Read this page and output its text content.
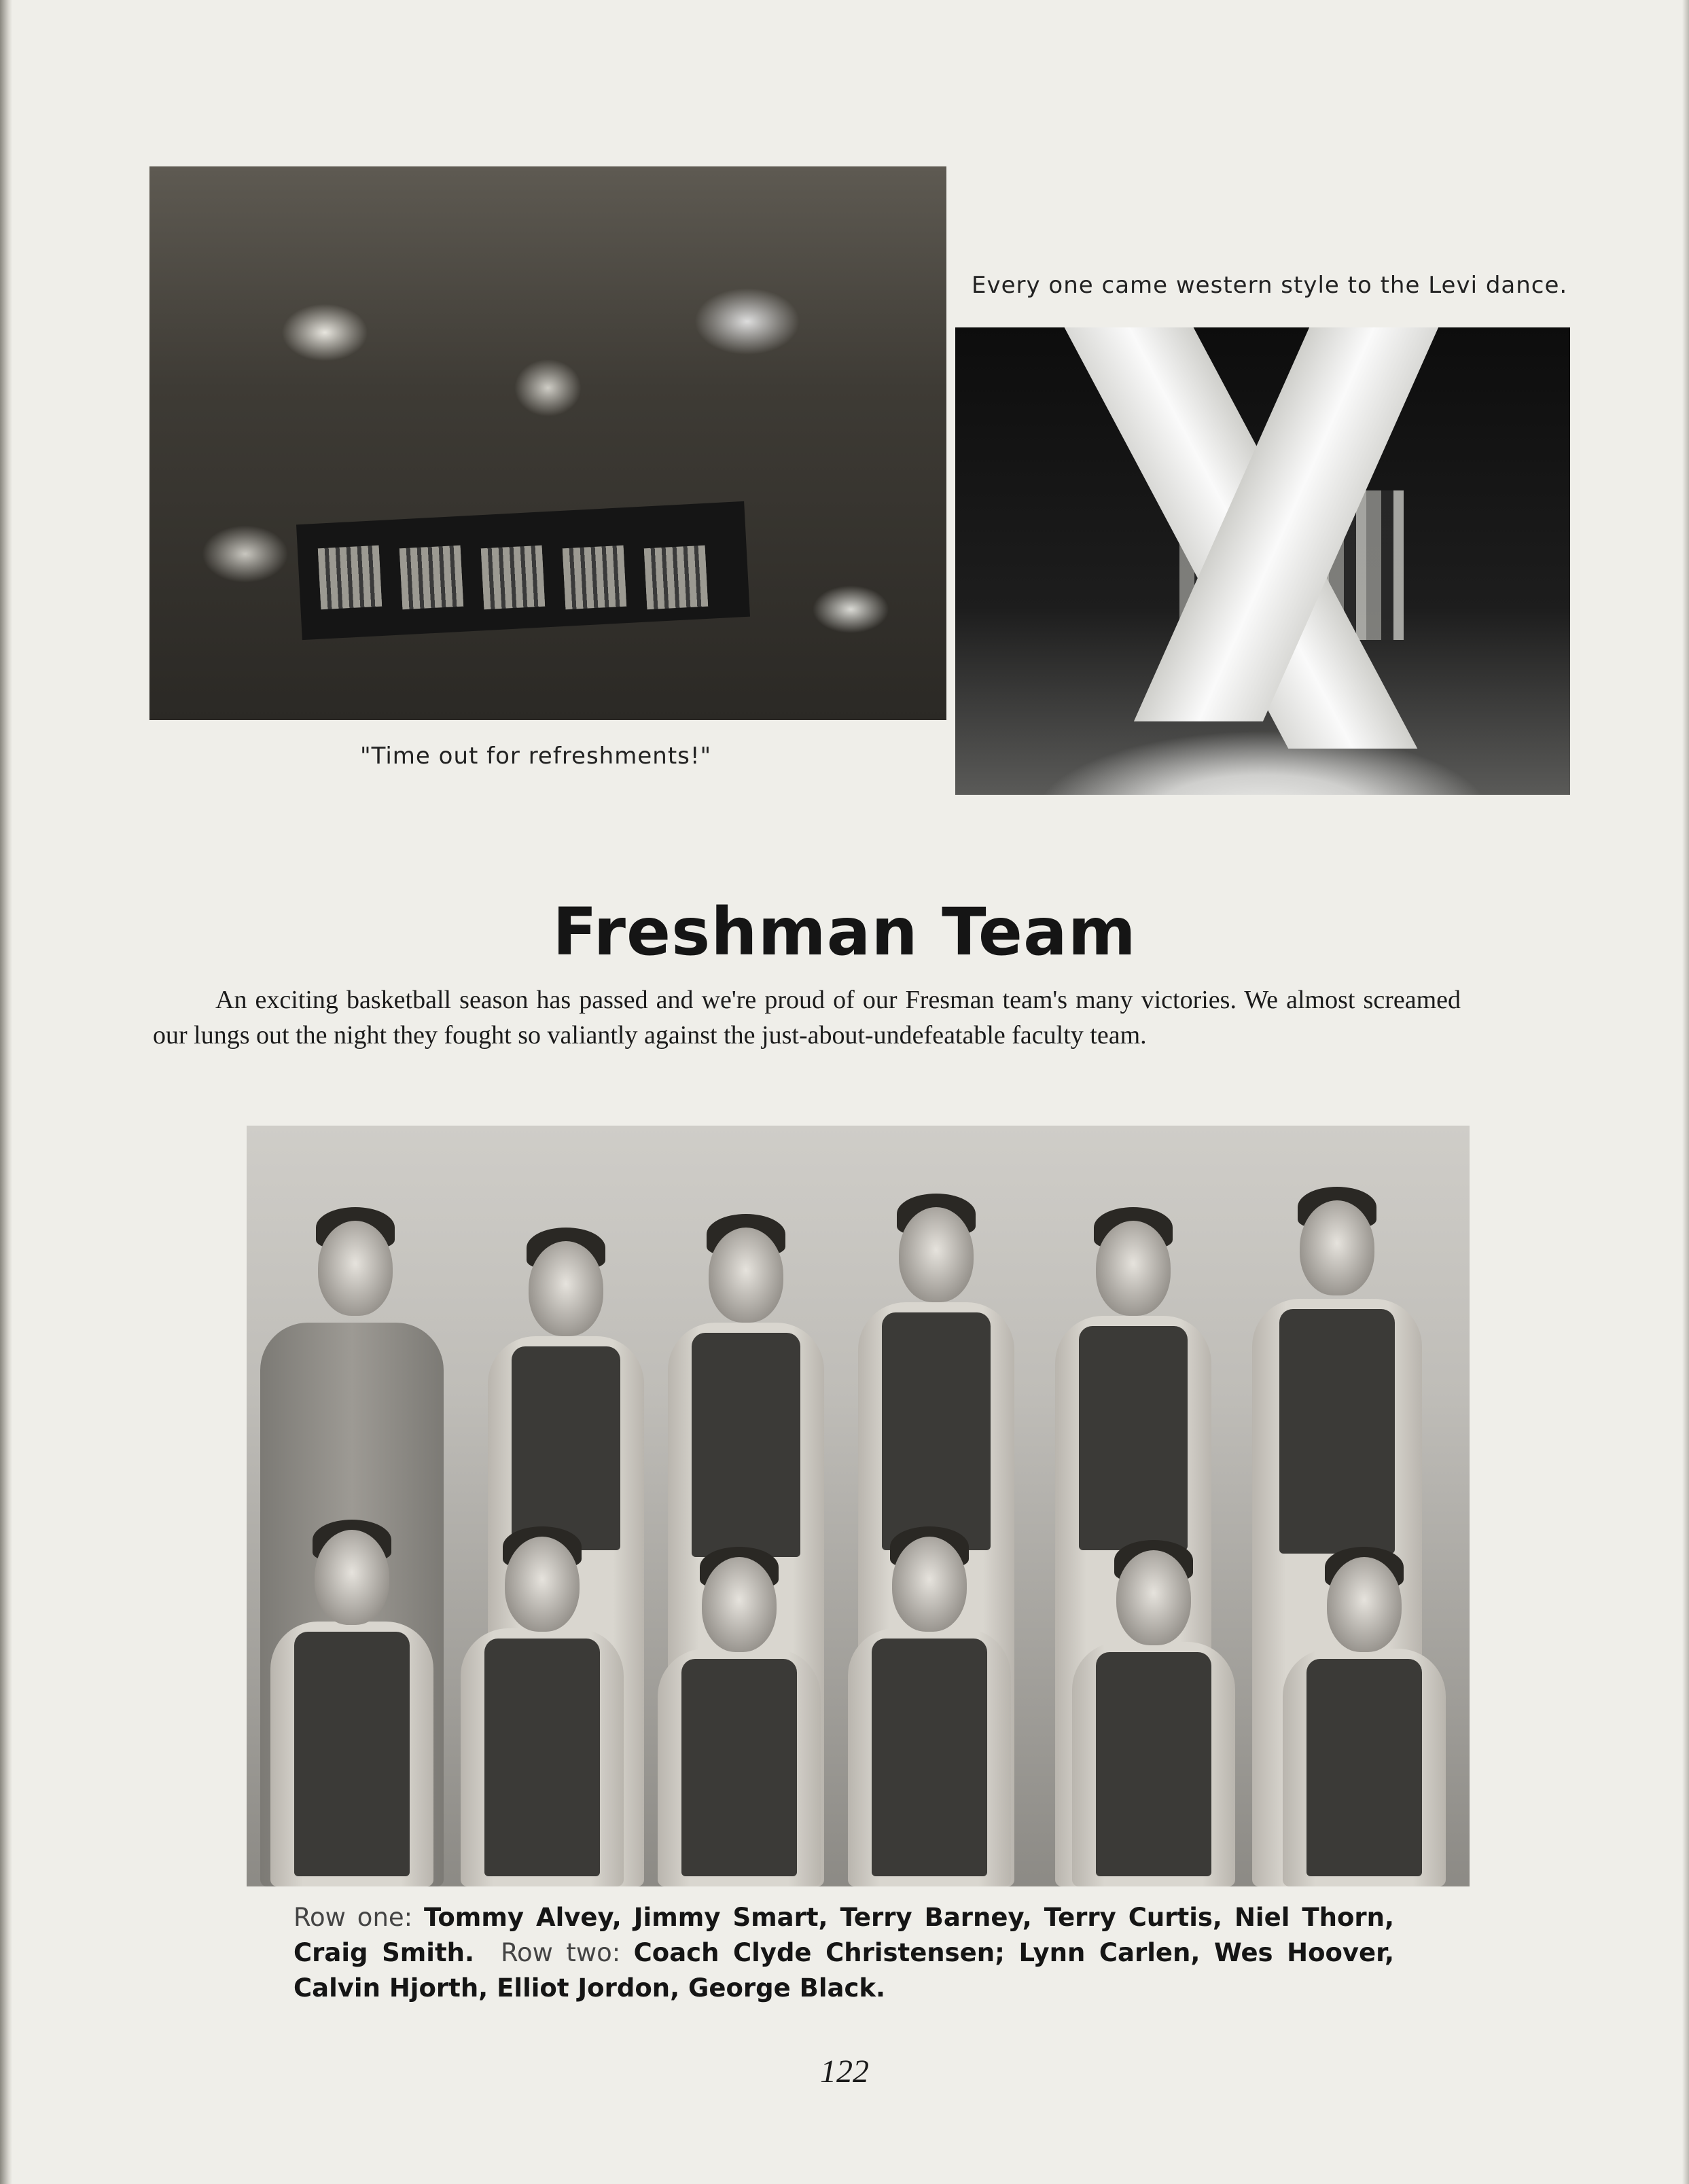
"Time out for refreshments!"
Every one came western style to the Levi dance.
Freshman Team

An exciting basketball season has passed and we're proud of our Fresman team's many victories. We almost screamed our lungs out the night they fought so valiantly against the just-about-undefeatable faculty team.

Row one: Tommy Alvey, Jimmy Smart, Terry Barney, Terry Curtis, Niel Thorn, Craig Smith. Row two: Coach Clyde Christensen; Lynn Carlen, Wes Hoover, Calvin Hjorth, Elliot Jordon, George Black.

122
